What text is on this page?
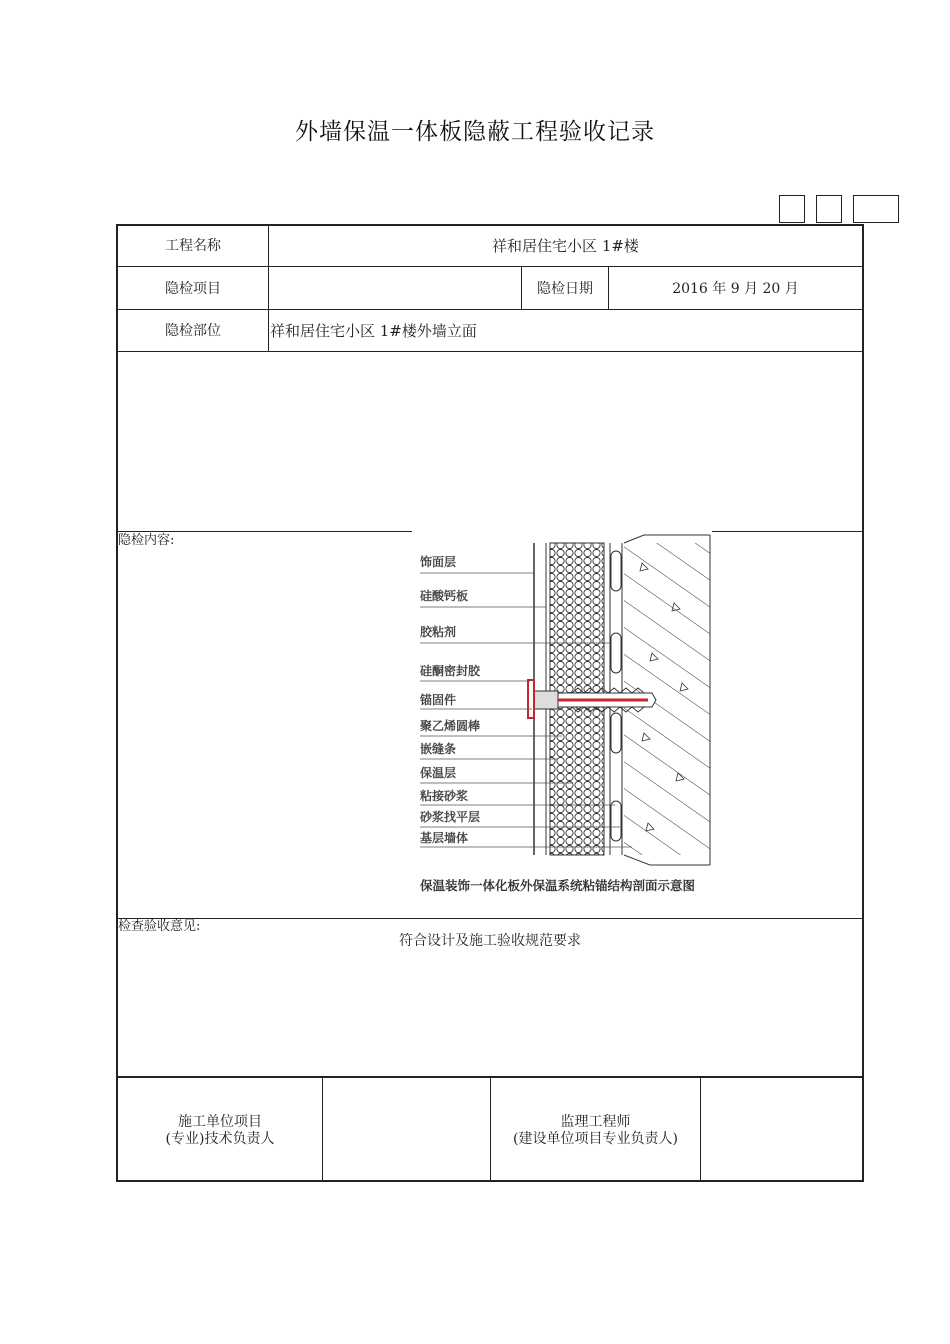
外墙保温一体板隐蔽工程验收记录
工程名称	祥和居住宅小区 1#楼
隐检项目	隐检日期	2016 年 9 月 20 月
隐检部位	祥和居住宅小区 1#楼外墙立面
隐检内容:
饰面层
硅酸钙板
胶粘剂
硅酮密封胶
锚固件
聚乙烯圆棒
嵌缝条
保温层
粘接砂浆
砂浆找平层
基层墙体
保温装饰一体化板外保温系统粘锚结构剖面示意图
检查验收意见:
符合设计及施工验收规范要求
施工单位项目
(专业)技术负责人
监理工程师
(建设单位项目专业负责人)
